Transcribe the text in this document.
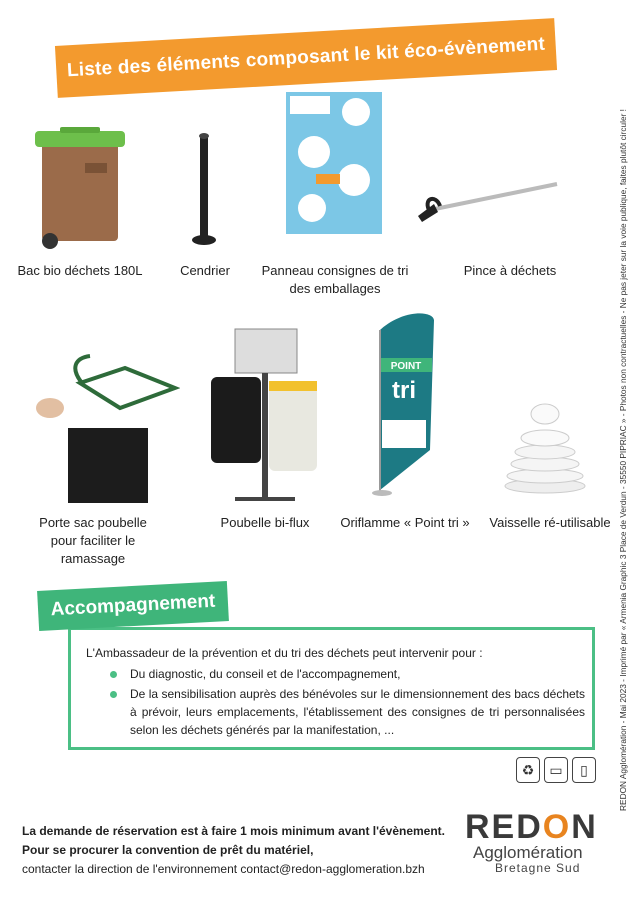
Liste des éléments composant le kit éco-évènement
Bac bio déchets 180L	Cendrier	Panneau consignes de tri des emballages
Pince à déchets
POINT
tri
Porte sac poubelle pour faciliter le ramassage
Poubelle bi-flux	Oriflamme « Point tri »	Vaisselle ré-utilisable
Accompagnement
L'Ambassadeur de la prévention et du tri des déchets peut intervenir pour :
Du diagnostic, du conseil et de l'accompagnement,
De la sensibilisation auprès des bénévoles sur le dimensionnement des bacs déchets à prévoir, leurs emplacements, l'établissement des consignes de tri personnalisées selon les déchets générés par la manifestation, ...
♻	▭	▯
La demande de réservation est à faire 1 mois minimum avant l'évènement.
Pour se procurer la convention de prêt du matériel,
contacter la direction de l'environnement contact@redon-agglomeration.bzh
REDON
Agglomération
Bretagne Sud
REDON Agglomération - Mai 2023 - Imprimé par « Armenia Graphic 3 Place de Verdun - 35550 PIPRIAC » - Photos non contractuelles - Ne pas jeter sur la voie publique, faites plutôt circuler !
